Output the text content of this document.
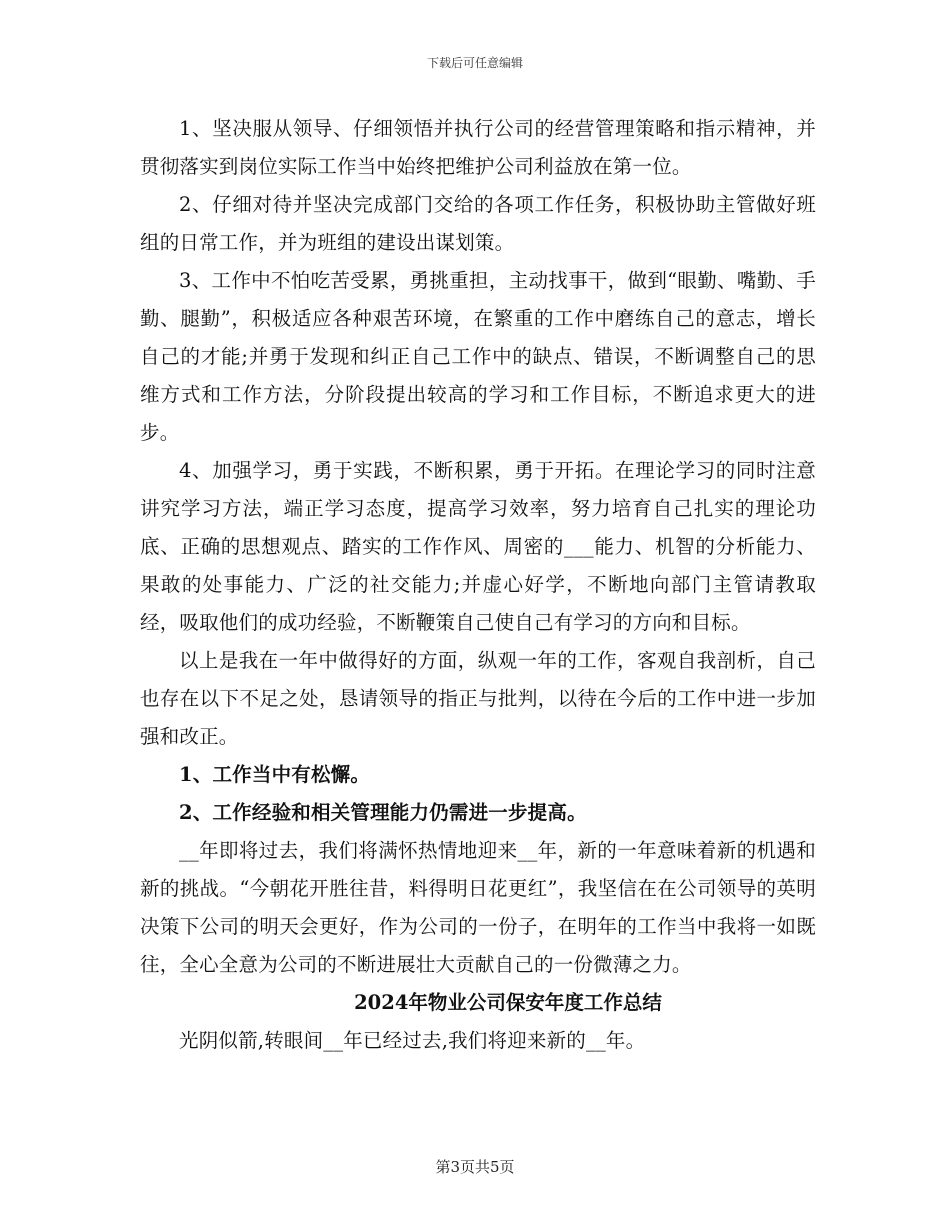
下载后可任意编辑

1、坚决服从领导、仔细领悟并执行公司的经营管理策略和指示精神，并贯彻落实到岗位实际工作当中始终把维护公司利益放在第一位。

2、仔细对待并坚决完成部门交给的各项工作任务，积极协助主管做好班组的日常工作，并为班组的建设出谋划策。

3、工作中不怕吃苦受累，勇挑重担，主动找事干，做到“眼勤、嘴勤、手勤、腿勤”，积极适应各种艰苦环境，在繁重的工作中磨练自己的意志，增长自己的才能;并勇于发现和纠正自己工作中的缺点、错误，不断调整自己的思维方式和工作方法，分阶段提出较高的学习和工作目标，不断追求更大的进步。

4、加强学习，勇于实践，不断积累，勇于开拓。在理论学习的同时注意讲究学习方法，端正学习态度，提高学习效率，努力培育自己扎实的理论功底、正确的思想观点、踏实的工作作风、周密的___能力、机智的分析能力、果敢的处事能力、广泛的社交能力;并虚心好学，不断地向部门主管请教取经，吸取他们的成功经验，不断鞭策自己使自己有学习的方向和目标。

以上是我在一年中做得好的方面，纵观一年的工作，客观自我剖析，自己也存在以下不足之处，恳请领导的指正与批判，以待在今后的工作中进一步加强和改正。

1、工作当中有松懈。

2、工作经验和相关管理能力仍需进一步提高。

__年即将过去，我们将满怀热情地迎来__年，新的一年意味着新的机遇和新的挑战。“今朝花开胜往昔，料得明日花更红”，我坚信在在公司领导的英明决策下公司的明天会更好，作为公司的一份子，在明年的工作当中我将一如既往，全心全意为公司的不断进展壮大贡献自己的一份微薄之力。

2024年物业公司保安年度工作总结

光阴似箭,转眼间__年已经过去,我们将迎来新的__年。

第3页共5页
